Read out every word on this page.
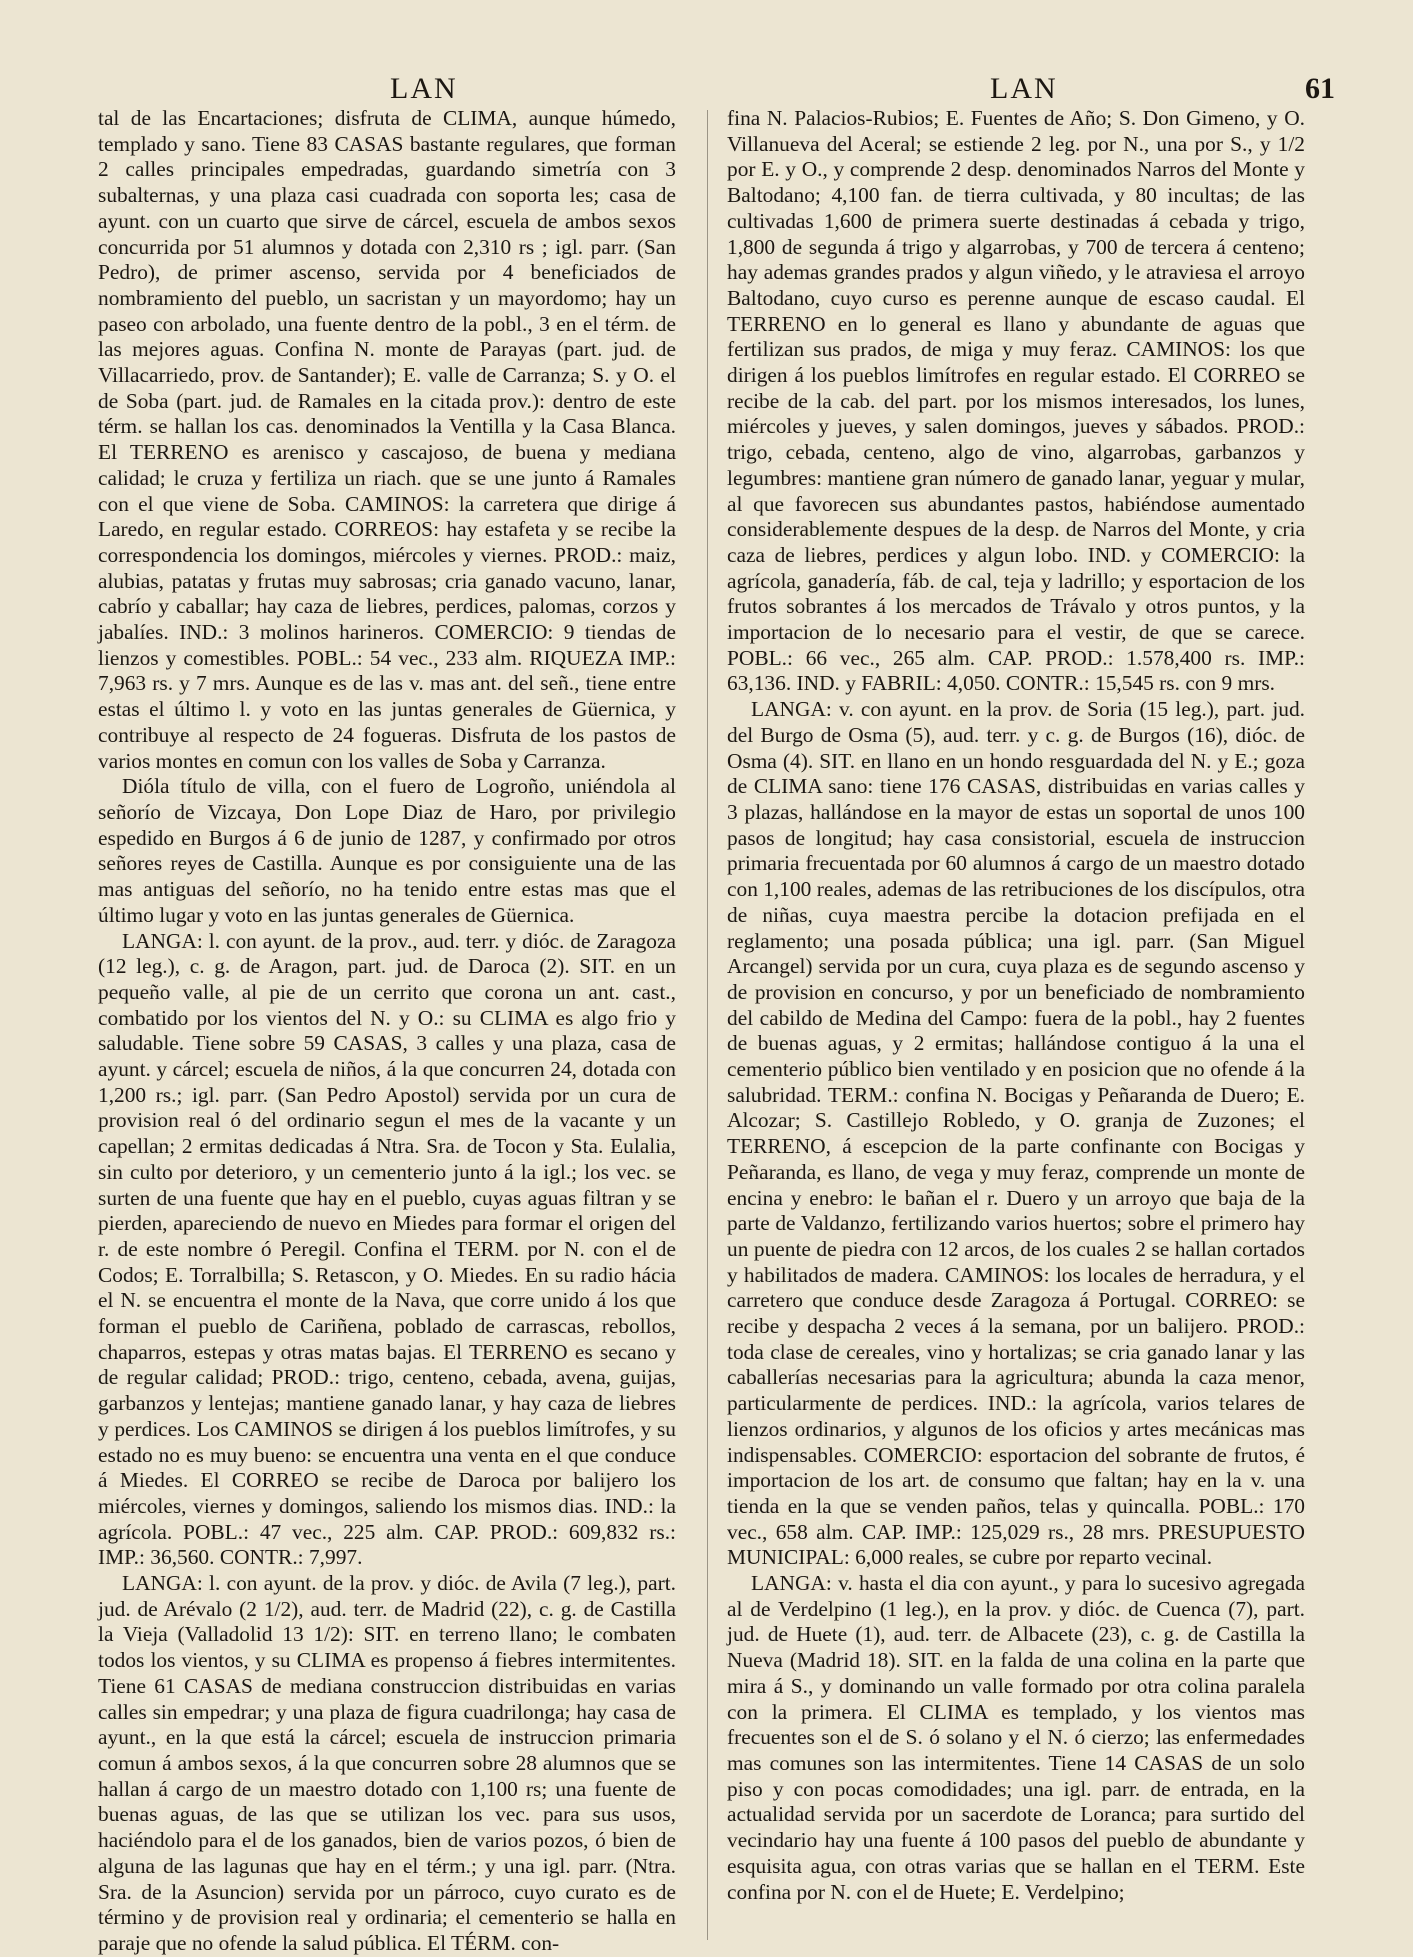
LAN	LAN	61

tal de las Encartaciones; disfruta de CLIMA, aunque húmedo, templado y sano. Tiene 83 CASAS bastante regulares, que forman 2 calles principales empedradas, guardando simetría con 3 subalternas, y una plaza casi cuadrada con soporta les; casa de ayunt. con un cuarto que sirve de cárcel, escuela de ambos sexos concurrida por 51 alumnos y dotada con 2,310 rs ; igl. parr. (San Pedro), de primer ascenso, servida por 4 beneficiados de nombramiento del pueblo, un sacristan y un mayordomo; hay un paseo con arbolado, una fuente dentro de la pobl., 3 en el térm. de las mejores aguas. Confina N. monte de Parayas (part. jud. de Villacarriedo, prov. de Santander); E. valle de Carranza; S. y O. el de Soba (part. jud. de Ramales en la citada prov.): dentro de este térm. se hallan los cas. denominados la Ventilla y la Casa Blanca. El TERRENO es arenisco y cascajoso, de buena y mediana calidad; le cruza y fertiliza un riach. que se une junto á Ramales con el que viene de Soba. CAMINOS: la carretera que dirige á Laredo, en regular estado. CORREOS: hay estafeta y se recibe la correspondencia los domingos, miércoles y viernes. PROD.: maiz, alubias, patatas y frutas muy sabrosas; cria ganado vacuno, lanar, cabrío y caballar; hay caza de liebres, perdices, palomas, corzos y jabalíes. IND.: 3 molinos harineros. COMERCIO: 9 tiendas de lienzos y comestibles. POBL.: 54 vec., 233 alm. RIQUEZA IMP.: 7,963 rs. y 7 mrs. Aunque es de las v. mas ant. del señ., tiene entre estas el último l. y voto en las juntas generales de Güernica, y contribuye al respecto de 24 fogueras. Disfruta de los pastos de varios montes en comun con los valles de Soba y Carranza.

Dióla título de villa, con el fuero de Logroño, uniéndola al señorío de Vizcaya, Don Lope Diaz de Haro, por privilegio espedido en Burgos á 6 de junio de 1287, y confirmado por otros señores reyes de Castilla. Aunque es por consiguiente una de las mas antiguas del señorío, no ha tenido entre estas mas que el último lugar y voto en las juntas generales de Güernica.

LANGA: l. con ayunt. de la prov., aud. terr. y dióc. de Zaragoza (12 leg.), c. g. de Aragon, part. jud. de Daroca (2). SIT. en un pequeño valle, al pie de un cerrito que corona un ant. cast., combatido por los vientos del N. y O.: su CLIMA es algo frio y saludable. Tiene sobre 59 CASAS, 3 calles y una plaza, casa de ayunt. y cárcel; escuela de niños, á la que concurren 24, dotada con 1,200 rs.; igl. parr. (San Pedro Apostol) servida por un cura de provision real ó del ordinario segun el mes de la vacante y un capellan; 2 ermitas dedicadas á Ntra. Sra. de Tocon y Sta. Eulalia, sin culto por deterioro, y un cementerio junto á la igl.; los vec. se surten de una fuente que hay en el pueblo, cuyas aguas filtran y se pierden, apareciendo de nuevo en Miedes para formar el origen del r. de este nombre ó Peregil. Confina el TERM. por N. con el de Codos; E. Torralbilla; S. Retascon, y O. Miedes. En su radio hácia el N. se encuentra el monte de la Nava, que corre unido á los que forman el pueblo de Cariñena, poblado de carrascas, rebollos, chaparros, estepas y otras matas bajas. El TERRENO es secano y de regular calidad; PROD.: trigo, centeno, cebada, avena, guijas, garbanzos y lentejas; mantiene ganado lanar, y hay caza de liebres y perdices. Los CAMINOS se dirigen á los pueblos limítrofes, y su estado no es muy bueno: se encuentra una venta en el que conduce á Miedes. El CORREO se recibe de Daroca por balijero los miércoles, viernes y domingos, saliendo los mismos dias. IND.: la agrícola. POBL.: 47 vec., 225 alm. CAP. PROD.: 609,832 rs.: IMP.: 36,560. CONTR.: 7,997.

LANGA: l. con ayunt. de la prov. y dióc. de Avila (7 leg.), part. jud. de Arévalo (2 1/2), aud. terr. de Madrid (22), c. g. de Castilla la Vieja (Valladolid 13 1/2): SIT. en terreno llano; le combaten todos los vientos, y su CLIMA es propenso á fiebres intermitentes. Tiene 61 CASAS de mediana construccion distribuidas en varias calles sin empedrar; y una plaza de figura cuadrilonga; hay casa de ayunt., en la que está la cárcel; escuela de instruccion primaria comun á ambos sexos, á la que concurren sobre 28 alumnos que se hallan á cargo de un maestro dotado con 1,100 rs; una fuente de buenas aguas, de las que se utilizan los vec. para sus usos, haciéndolo para el de los ganados, bien de varios pozos, ó bien de alguna de las lagunas que hay en el térm.; y una igl. parr. (Ntra. Sra. de la Asuncion) servida por un párroco, cuyo curato es de término y de provision real y ordinaria; el cementerio se halla en paraje que no ofende la salud pública. El TÉRM. con-

fina N. Palacios-Rubios; E. Fuentes de Año; S. Don Gimeno, y O. Villanueva del Aceral; se estiende 2 leg. por N., una por S., y 1/2 por E. y O., y comprende 2 desp. denominados Narros del Monte y Baltodano; 4,100 fan. de tierra cultivada, y 80 incultas; de las cultivadas 1,600 de primera suerte destinadas á cebada y trigo, 1,800 de segunda á trigo y algarrobas, y 700 de tercera á centeno; hay ademas grandes prados y algun viñedo, y le atraviesa el arroyo Baltodano, cuyo curso es perenne aunque de escaso caudal. El TERRENO en lo general es llano y abundante de aguas que fertilizan sus prados, de miga y muy feraz. CAMINOS: los que dirigen á los pueblos limítrofes en regular estado. El CORREO se recibe de la cab. del part. por los mismos interesados, los lunes, miércoles y jueves, y salen domingos, jueves y sábados. PROD.: trigo, cebada, centeno, algo de vino, algarrobas, garbanzos y legumbres: mantiene gran número de ganado lanar, yeguar y mular, al que favorecen sus abundantes pastos, habiéndose aumentado considerablemente despues de la desp. de Narros del Monte, y cria caza de liebres, perdices y algun lobo. IND. y COMERCIO: la agrícola, ganadería, fáb. de cal, teja y ladrillo; y esportacion de los frutos sobrantes á los mercados de Trávalo y otros puntos, y la importacion de lo necesario para el vestir, de que se carece. POBL.: 66 vec., 265 alm. CAP. PROD.: 1.578,400 rs. IMP.: 63,136. IND. y FABRIL: 4,050. CONTR.: 15,545 rs. con 9 mrs.

LANGA: v. con ayunt. en la prov. de Soria (15 leg.), part. jud. del Burgo de Osma (5), aud. terr. y c. g. de Burgos (16), dióc. de Osma (4). SIT. en llano en un hondo resguardada del N. y E.; goza de CLIMA sano: tiene 176 CASAS, distribuidas en varias calles y 3 plazas, hallándose en la mayor de estas un soportal de unos 100 pasos de longitud; hay casa consistorial, escuela de instruccion primaria frecuentada por 60 alumnos á cargo de un maestro dotado con 1,100 reales, ademas de las retribuciones de los discípulos, otra de niñas, cuya maestra percibe la dotacion prefijada en el reglamento; una posada pública; una igl. parr. (San Miguel Arcangel) servida por un cura, cuya plaza es de segundo ascenso y de provision en concurso, y por un beneficiado de nombramiento del cabildo de Medina del Campo: fuera de la pobl., hay 2 fuentes de buenas aguas, y 2 ermitas; hallándose contiguo á la una el cementerio público bien ventilado y en posicion que no ofende á la salubridad. TERM.: confina N. Bocigas y Peñaranda de Duero; E. Alcozar; S. Castillejo Robledo, y O. granja de Zuzones; el TERRENO, á escepcion de la parte confinante con Bocigas y Peñaranda, es llano, de vega y muy feraz, comprende un monte de encina y enebro: le bañan el r. Duero y un arroyo que baja de la parte de Valdanzo, fertilizando varios huertos; sobre el primero hay un puente de piedra con 12 arcos, de los cuales 2 se hallan cortados y habilitados de madera. CAMINOS: los locales de herradura, y el carretero que conduce desde Zaragoza á Portugal. CORREO: se recibe y despacha 2 veces á la semana, por un balijero. PROD.: toda clase de cereales, vino y hortalizas; se cria ganado lanar y las caballerías necesarias para la agricultura; abunda la caza menor, particularmente de perdices. IND.: la agrícola, varios telares de lienzos ordinarios, y algunos de los oficios y artes mecánicas mas indispensables. COMERCIO: esportacion del sobrante de frutos, é importacion de los art. de consumo que faltan; hay en la v. una tienda en la que se venden paños, telas y quincalla. POBL.: 170 vec., 658 alm. CAP. IMP.: 125,029 rs., 28 mrs. PRESUPUESTO MUNICIPAL: 6,000 reales, se cubre por reparto vecinal.

LANGA: v. hasta el dia con ayunt., y para lo sucesivo agregada al de Verdelpino (1 leg.), en la prov. y dióc. de Cuenca (7), part. jud. de Huete (1), aud. terr. de Albacete (23), c. g. de Castilla la Nueva (Madrid 18). SIT. en la falda de una colina en la parte que mira á S., y dominando un valle formado por otra colina paralela con la primera. El CLIMA es templado, y los vientos mas frecuentes son el de S. ó solano y el N. ó cierzo; las enfermedades mas comunes son las intermitentes. Tiene 14 CASAS de un solo piso y con pocas comodidades; una igl. parr. de entrada, en la actualidad servida por un sacerdote de Loranca; para surtido del vecindario hay una fuente á 100 pasos del pueblo de abundante y esquisita agua, con otras varias que se hallan en el TERM. Este confina por N. con el de Huete; E. Verdelpino;
